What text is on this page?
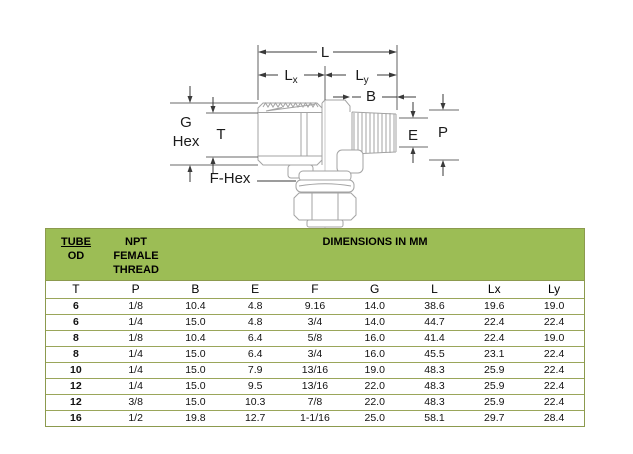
L
$L_x$	$L_y$
B
G
Hex T
F-Hex
E P
TUBE
OD
NPT
FEMALE
THREAD
DIMENSIONS IN MM
T	P	B	E	F	G	L	Lx	Ly
6	1/8	10.4	4.8	9.16	14.0	38.6	19.6	19.0
6	1/4	15.0	4.8	3/4	14.0	44.7	22.4	22.4
8	1/8	10.4	6.4	5/8	16.0	41.4	22.4	19.0
8	1/4	15.0	6.4	3/4	16.0	45.5	23.1	22.4
10	1/4	15.0	7.9	13/16	19.0	48.3	25.9	22.4
12	1/4	15.0	9.5	13/16	22.0	48.3	25.9	22.4
12	3/8	15.0	10.3	7/8	22.0	48.3	25.9	22.4
16	1/2	19.8	12.7	1-1/16	25.0	58.1	29.7	28.4
